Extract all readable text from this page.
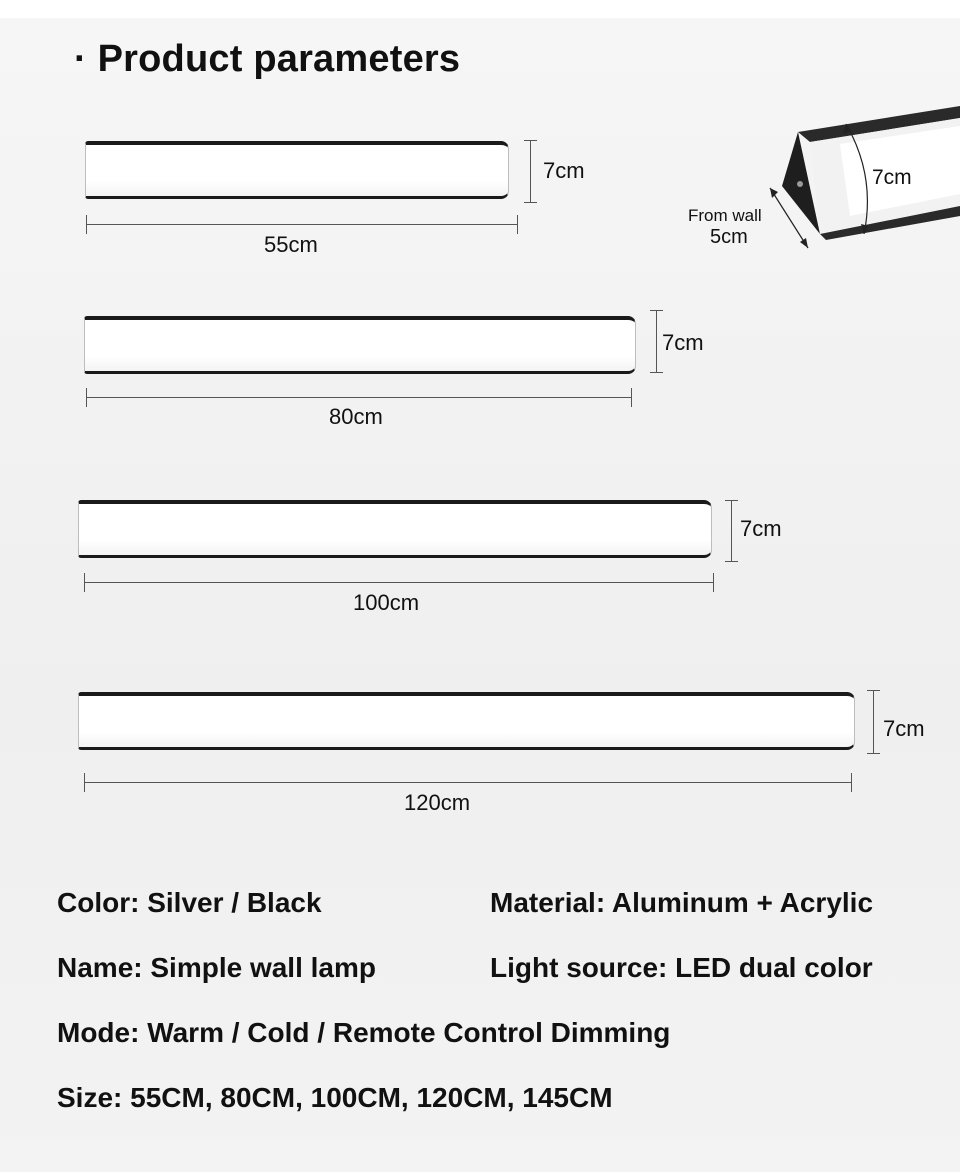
· Product parameters
7cm
55cm
7cm
80cm
7cm
100cm
7cm
120cm
7cm
From wall
5cm
Color: Silver / Black	Material: Aluminum + Acrylic
Name: Simple wall lamp	Light source: LED dual color
Mode: Warm / Cold / Remote Control Dimming
Size: 55CM, 80CM, 100CM, 120CM, 145CM
